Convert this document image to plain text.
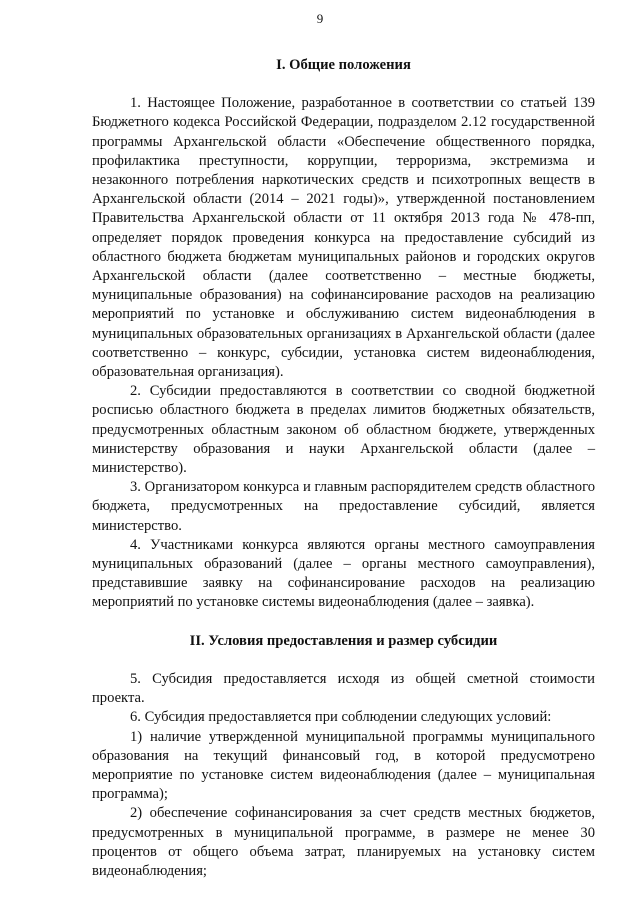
9

I. Общие положения

1. Настоящее Положение, разработанное в соответствии со статьей 139 Бюджетного кодекса Российской Федерации, подразделом 2.12 государственной программы Архангельской области «Обеспечение общественного порядка, профилактика преступности, коррупции, терроризма, экстремизма и незаконного потребления наркотических средств и психотропных веществ в Архангельской области (2014 – 2021 годы)», утвержденной постановлением Правительства Архангельской области от 11 октября 2013 года № 478-пп, определяет порядок проведения конкурса на предоставление субсидий из областного бюджета бюджетам муниципальных районов и городских округов Архангельской области (далее соответственно – местные бюджеты, муниципальные образования) на софинансирование расходов на реализацию мероприятий по установке и обслуживанию систем видеонаблюдения в муниципальных образовательных организациях в Архангельской области (далее соответственно – конкурс, субсидии, установка систем видеонаблюдения, образовательная организация).

2. Субсидии предоставляются в соответствии со сводной бюджетной росписью областного бюджета в пределах лимитов бюджетных обязательств, предусмотренных областным законом об областном бюджете, утвержденных министерству образования и науки Архангельской области (далее – министерство).

3. Организатором конкурса и главным распорядителем средств областного бюджета, предусмотренных на предоставление субсидий, является министерство.

4. Участниками конкурса являются органы местного самоуправления муниципальных образований (далее – органы местного самоуправления), представившие заявку на софинансирование расходов на реализацию мероприятий по установке системы видеонаблюдения (далее – заявка).

II. Условия предоставления и размер субсидии

5. Субсидия предоставляется исходя из общей сметной стоимости проекта.

6. Субсидия предоставляется при соблюдении следующих условий:

1) наличие утвержденной муниципальной программы муниципального образования на текущий финансовый год, в которой предусмотрено мероприятие по установке систем видеонаблюдения (далее – муниципальная программа);

2) обеспечение софинансирования за счет средств местных бюджетов, предусмотренных в муниципальной программе, в размере не менее 30 процентов от общего объема затрат, планируемых на установку систем видеонаблюдения;
